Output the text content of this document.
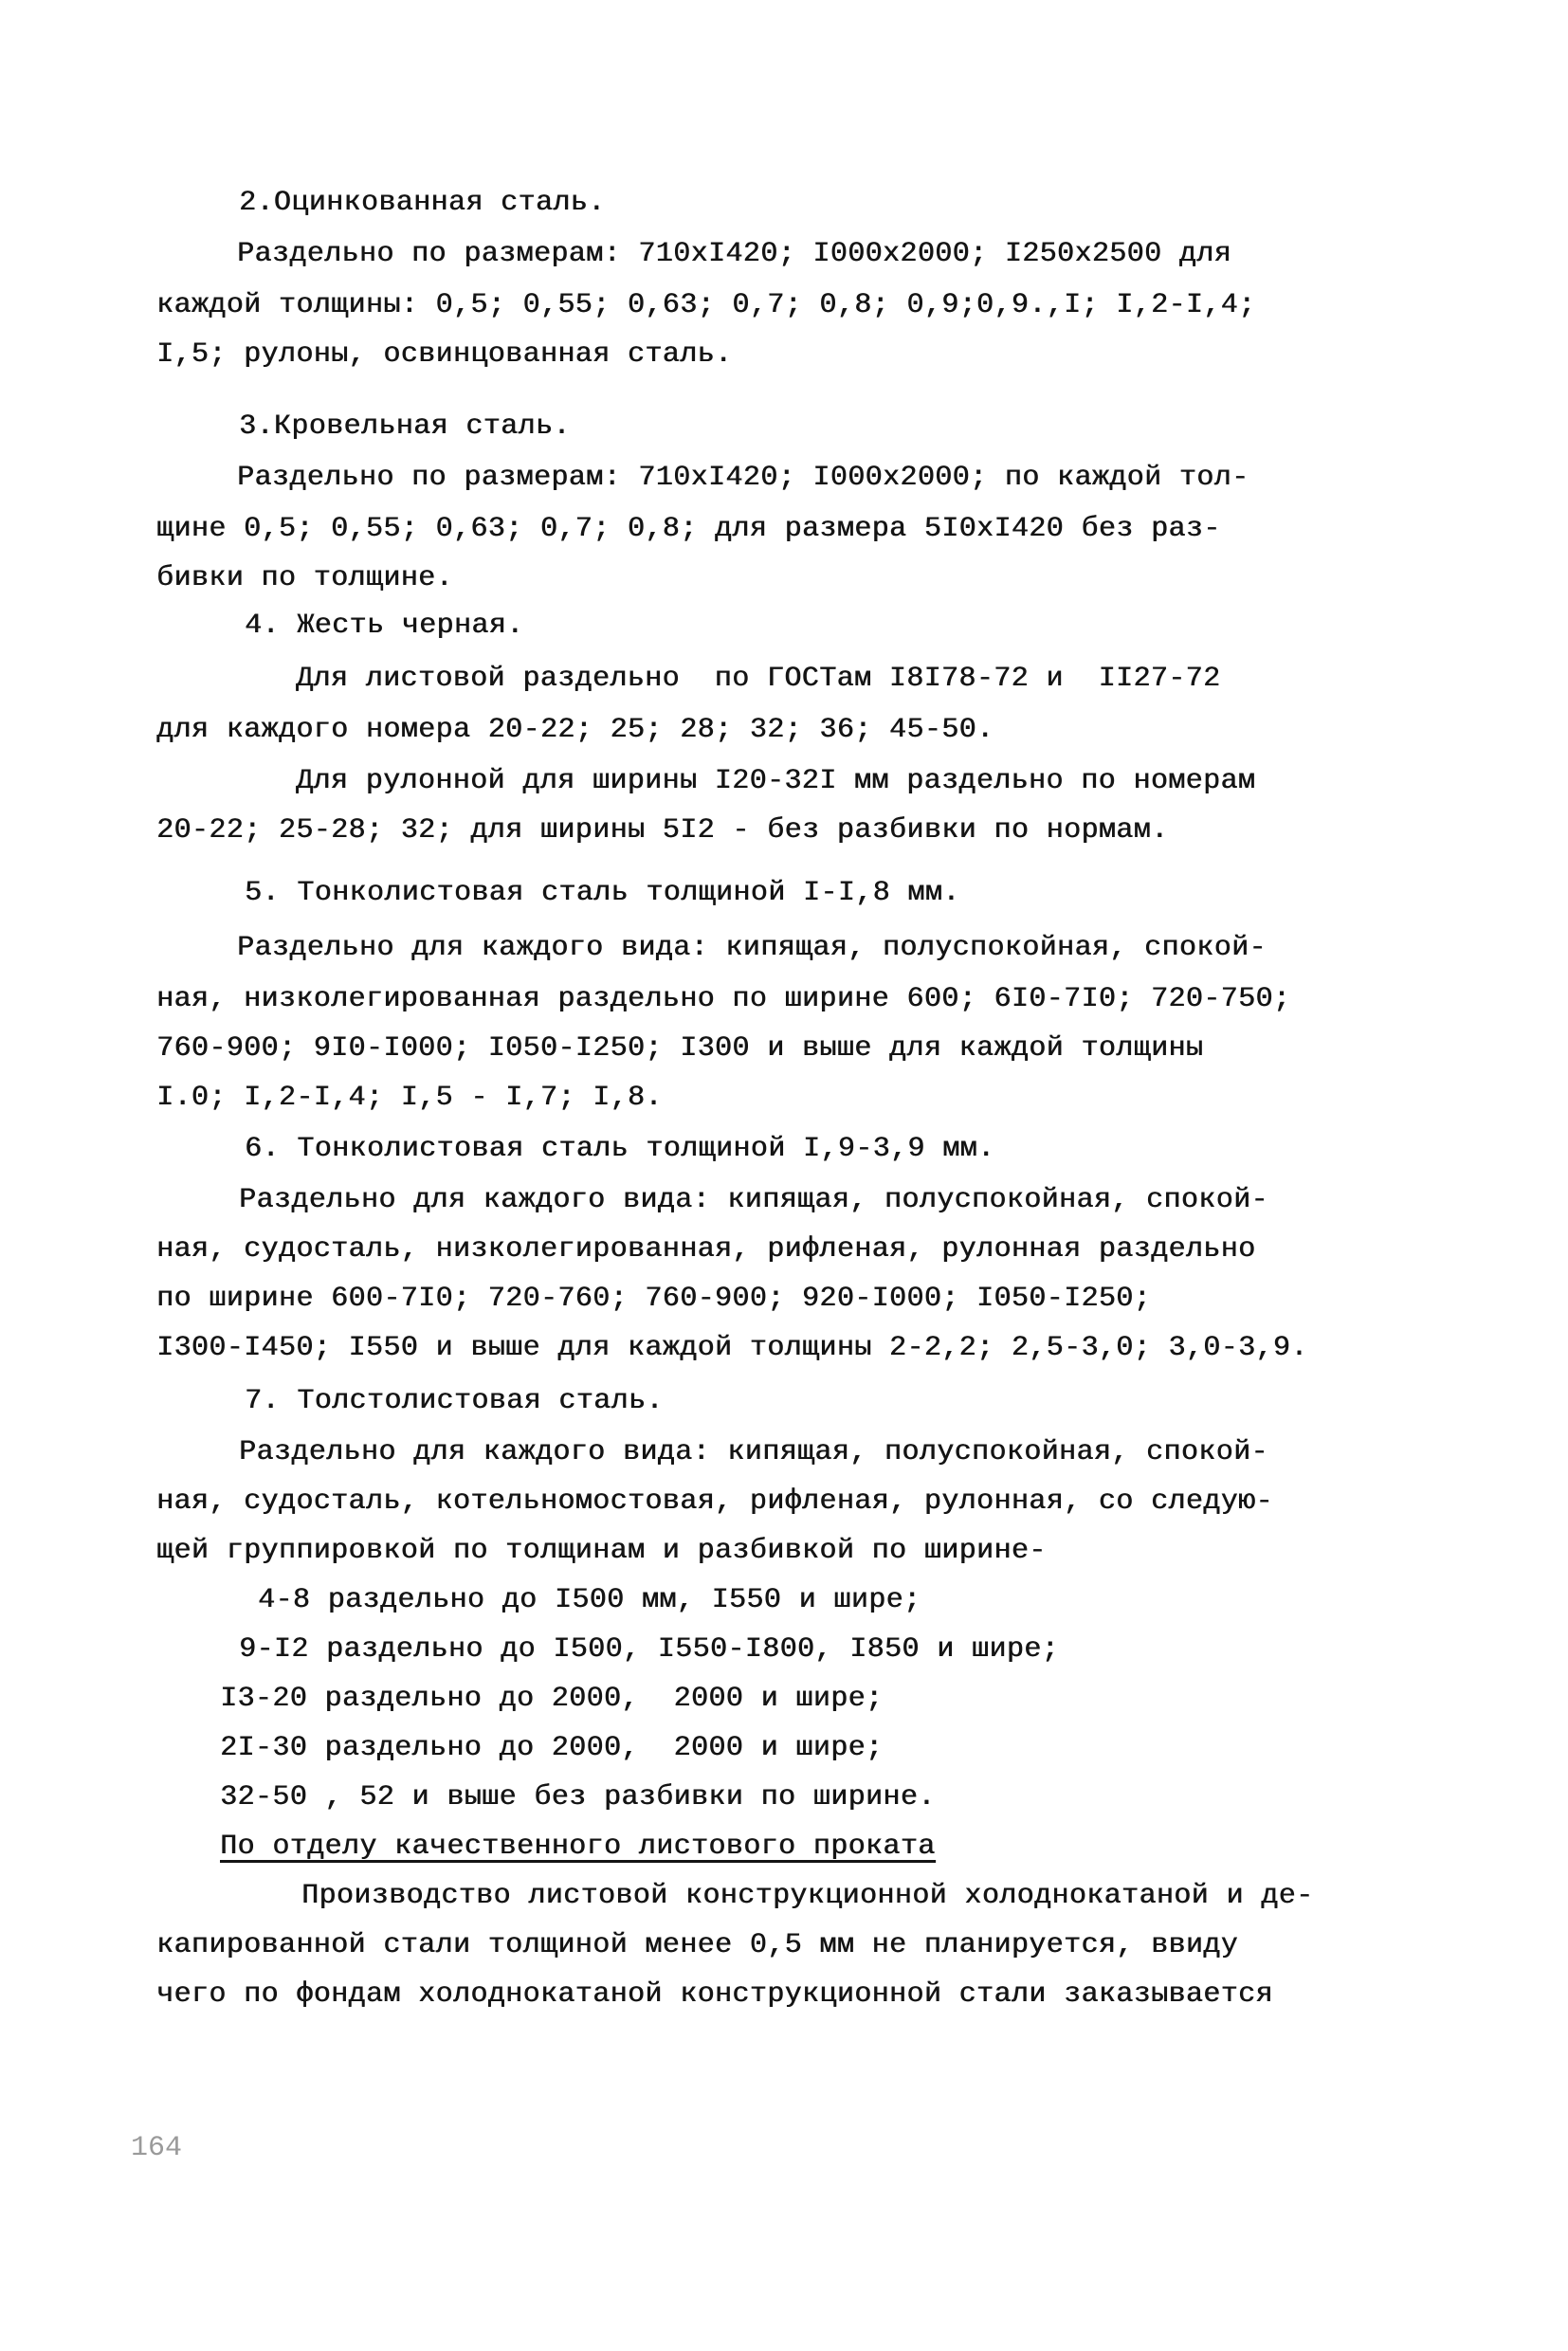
2.Оцинкованная сталь.
Раздельно по размерам: 710xI420; I000x2000; I250x2500 для
каждой толщины: 0,5; 0,55; 0,63; 0,7; 0,8; 0,9;0,9.,I; I,2-I,4;
I,5; рулоны, освинцованная сталь.
3.Кровельная сталь.
Раздельно по размерам: 710xI420; I000x2000; по каждой тол-
щине 0,5; 0,55; 0,63; 0,7; 0,8; для размера 5I0xI420 без раз-
бивки по толщине.
4. Жесть черная.
Для листовой раздельно  по ГОСТам I8I78-72 и  II27-72
для каждого номера 20-22; 25; 28; 32; 36; 45-50.
Для рулонной для ширины I20-32I мм раздельно по номерам
20-22; 25-28; 32; для ширины 5I2 - без разбивки по нормам.
5. Тонколистовая сталь толщиной I-I,8 мм.
Раздельно для каждого вида: кипящая, полуспокойная, спокой-
ная, низколегированная раздельно по ширине 600; 6I0-7I0; 720-750;
760-900; 9I0-I000; I050-I250; I300 и выше для каждой толщины
I.0; I,2-I,4; I,5 - I,7; I,8.
6. Тонколистовая сталь толщиной I,9-3,9 мм.
Раздельно для каждого вида: кипящая, полуспокойная, спокой-
ная, судосталь, низколегированная, рифленая, рулонная раздельно
по ширине 600-7I0; 720-760; 760-900; 920-I000; I050-I250;
I300-I450; I550 и выше для каждой толщины 2-2,2; 2,5-3,0; 3,0-3,9.
7. Толстолистовая сталь.
Раздельно для каждого вида: кипящая, полуспокойная, спокой-
ная, судосталь, котельномостовая, рифленая, рулонная, со следую-
щей группировкой по толщинам и разбивкой по ширине-
4-8 раздельно до I500 мм, I550 и шире;
9-I2 раздельно до I500, I550-I800, I850 и шире;
I3-20 раздельно до 2000,  2000 и шире;
2I-30 раздельно до 2000,  2000 и шире;
32-50 , 52 и выше без разбивки по ширине.
По отделу качественного листового проката
Производство листовой конструкционной холоднокатаной и де-
капированной стали толщиной менее 0,5 мм не планируется, ввиду
чего по фондам холоднокатаной конструкционной стали заказывается
164
